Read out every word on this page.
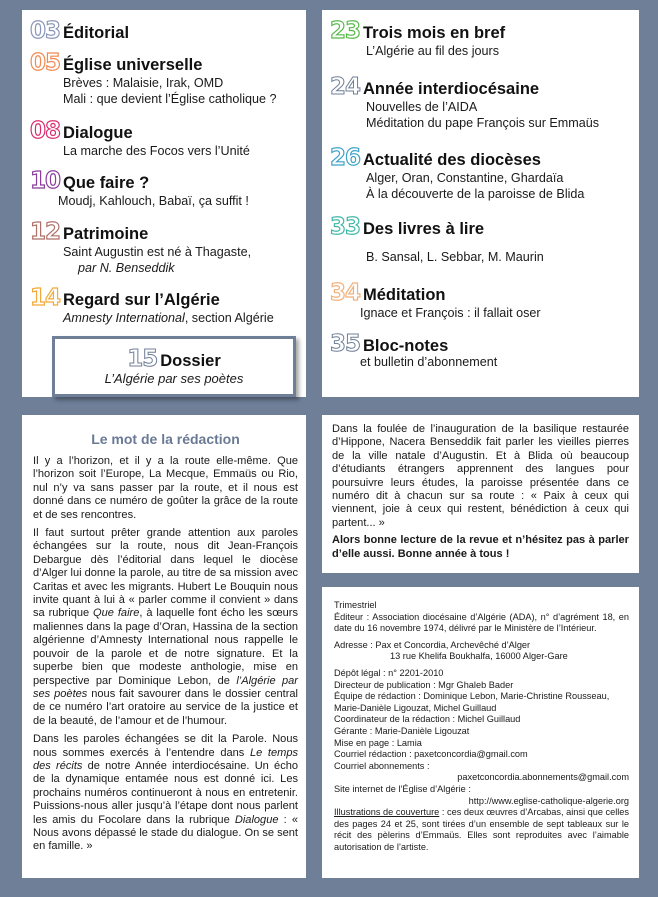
03 Éditorial
05 Église universelle
Brèves : Malaisie, Irak, OMD
Mali : que devient l’Église catholique ?
08 Dialogue
La marche des Focos vers l’Unité
10 Que faire ?
Moudj, Kahlouch, Babaï, ça suffit !
12 Patrimoine
Saint Augustin est né à Thagaste,
par N. Benseddik
14 Regard sur l’Algérie
Amnesty International, section Algérie
15 Dossier
L’Algérie par ses poètes
23 Trois mois en bref
L’Algérie au fil des jours
24 Année interdiocésaine
Nouvelles de l’AIDA
Méditation du pape François sur Emmaüs
26 Actualité des diocèses
Alger, Oran, Constantine, Ghardaïa
À la découverte de la paroisse de Blida
33 Des livres à lire
B. Sansal, L. Sebbar, M. Maurin
34 Méditation
Ignace et François : il fallait oser
35 Bloc-notes
et bulletin d’abonnement
Le mot de la rédaction

Il y a l’horizon, et il y a la route elle-même. Que l’horizon soit l’Europe, La Mecque, Emmaüs ou Rio, nul n’y va sans passer par la route, et il nous est donné dans ce numéro de goûter la grâce de la route et de ses rencontres.

Il faut surtout prêter grande attention aux paroles échangées sur la route, nous dit Jean-François Debargue dès l’éditorial dans lequel le diocèse d’Alger lui donne la parole, au titre de sa mission avec Caritas et avec les migrants. Hubert Le Bouquin nous invite quant à lui à « parler comme il convient » dans sa rubrique Que faire, à laquelle font écho les sœurs maliennes dans la page d’Oran, Hassina de la section algérienne d’Amnesty International nous rappelle le pouvoir de la parole et de notre signature. Et la superbe bien que modeste anthologie, mise en perspective par Dominique Lebon, de l’Algérie par ses poètes nous fait savourer dans le dossier central de ce numéro l’art oratoire au service de la justice et de la beauté, de l’amour et de l’humour.

Dans les paroles échangées se dit la Parole. Nous nous sommes exercés à l’entendre dans Le temps des récits de notre Année interdiocésaine. Un écho de la dynamique entamée nous est donné ici. Les prochains numéros continueront à nous en entretenir. Puissions-nous aller jusqu’à l’étape dont nous parlent les amis du Focolare dans la rubrique Dialogue : « Nous avons dépassé le stade du dialogue. On se sent en famille. »

Dans la foulée de l’inauguration de la basilique restaurée d’Hippone, Nacera Benseddik fait parler les vieilles pierres de la ville natale d’Augustin. Et à Blida où beaucoup d’étudiants étrangers apprennent des langues pour poursuivre leurs études, la paroisse présentée dans ce numéro dit à chacun sur sa route : « Paix à ceux qui viennent, joie à ceux qui restent, bénédiction à ceux qui partent... »

Alors bonne lecture de la revue et n’hésitez pas à parler d’elle aussi. Bonne année à tous !

Trimestriel
Éditeur : Association diocésaine d’Algérie (ADA), n° d’agrément 18, en date du 16 novembre 1974, délivré par le Ministère de l’Intérieur.
Adresse : Pax et Concordia, Archevêché d’Alger
13 rue Khelifa Boukhalfa, 16000 Alger-Gare
Dépôt légal : n° 2201-2010
Directeur de publication : Mgr Ghaleb Bader
Équipe de rédaction : Dominique Lebon, Marie-Christine Rousseau, Marie-Danièle Ligouzat, Michel Guillaud
Coordinateur de la rédaction : Michel Guillaud
Gérante : Marie-Danièle Ligouzat
Mise en page : Lamia
Courriel rédaction : paxetconcordia@gmail.com
Courriel abonnements :
paxetconcordia.abonnements@gmail.com
Site internet de l’Église d’Algérie :
http://www.eglise-catholique-algerie.org
Illustrations de couverture : ces deux œuvres d’Arcabas, ainsi que celles des pages 24 et 25, sont tirées d’un ensemble de sept tableaux sur le récit des pèlerins d’Emmaüs. Elles sont reproduites avec l’aimable autorisation de l’artiste.
